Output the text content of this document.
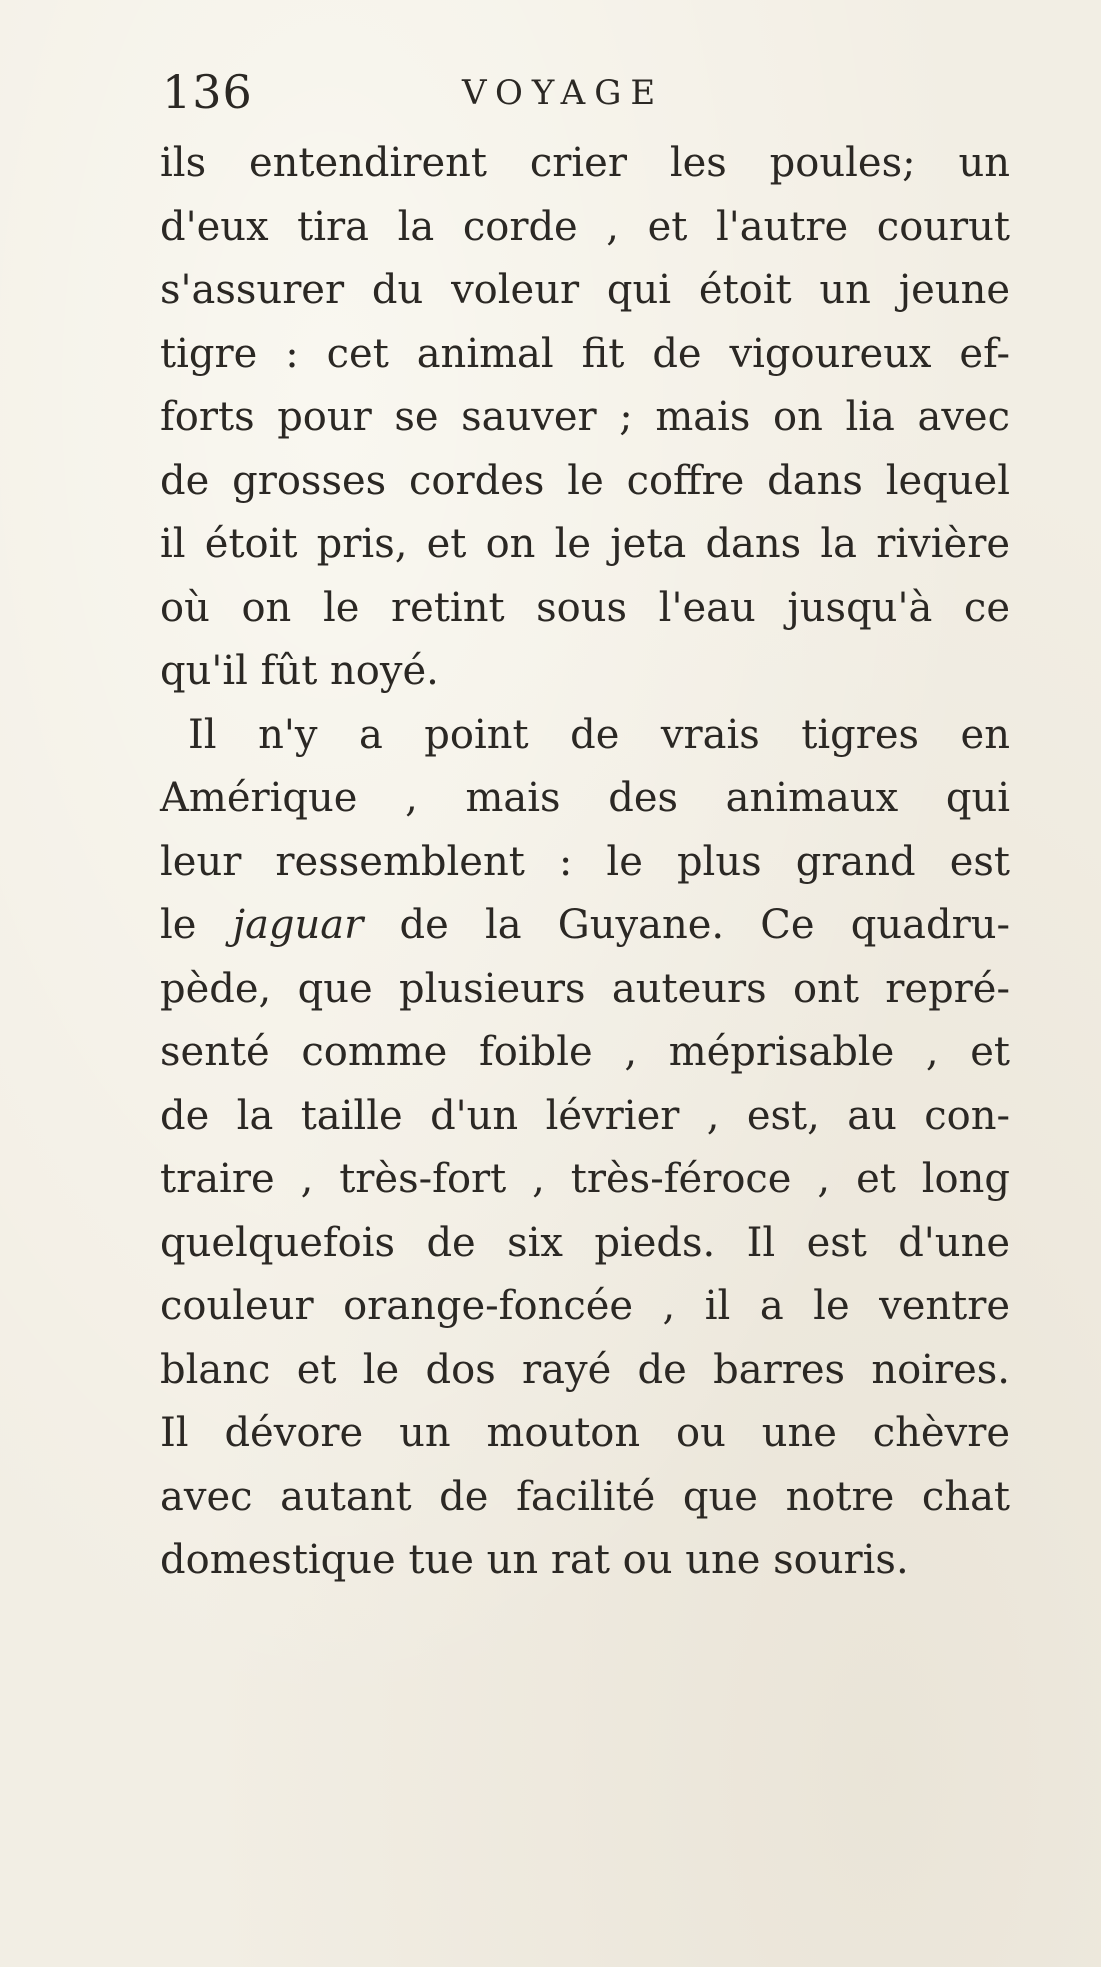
136	VOYAGE
ils entendirent crier les poules; un
d'eux tira la corde , et l'autre courut
s'assurer du voleur qui étoit un jeune
tigre : cet animal fit de vigoureux ef-
forts pour se sauver ; mais on lia avec
de grosses cordes le coffre dans lequel
il étoit pris, et on le jeta dans la rivière
où on le retint sous l'eau jusqu'à ce
qu'il fût noyé.
Il n'y a point de vrais tigres en
Amérique , mais des animaux qui
leur ressemblent : le plus grand est
le jaguar de la Guyane. Ce quadru-
pède, que plusieurs auteurs ont repré-
senté comme foible , méprisable , et
de la taille d'un lévrier , est, au con-
traire , très-fort , très-féroce , et long
quelquefois de six pieds. Il est d'une
couleur orange-foncée , il a le ventre
blanc et le dos rayé de barres noires.
Il dévore un mouton ou une chèvre
avec autant de facilité que notre chat
domestique tue un rat ou une souris.
